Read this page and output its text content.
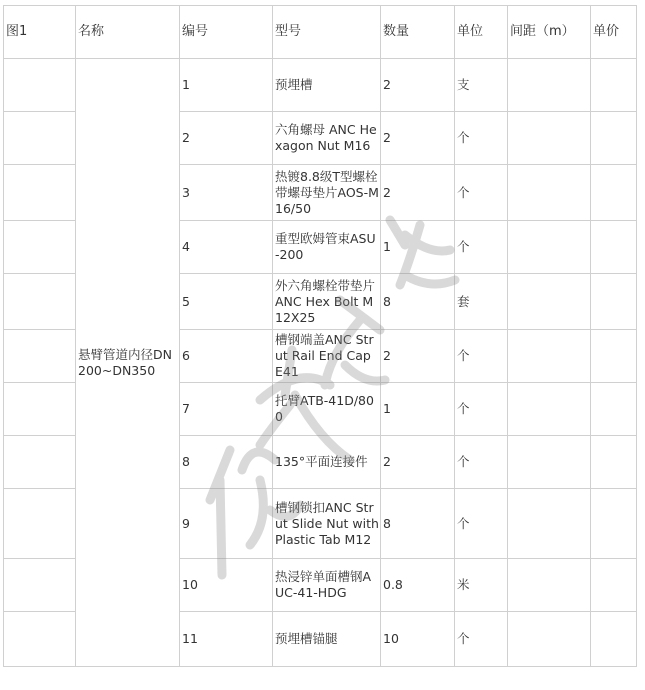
图1	名称	编号	型号	数量	单位	间距（m）	单价
	悬臂管道内径DN200~DN350	1	预埋槽	2	支		
		2	六角螺母 ANC Hexagon Nut M16	2	个		
		3	热镀8.8级T型螺栓带螺母垫片AOS-M16/50	2	个		
		4	重型欧姆管束ASU-200	1	个		
		5	外六角螺栓带垫片ANC Hex Bolt M12X25	8	套		
		6	槽钢端盖ANC Strut Rail End Cap E41	2	个		
		7	托臂ATB-41D/800	1	个		
		8	135°平面连接件	2	个		
		9	槽钢锁扣ANC Strut Slide Nut with Plastic Tab M12	8	个		
		10	热浸锌单面槽钢AUC-41-HDG	0.8	米		
		11	预埋槽锚腿	10	个		
